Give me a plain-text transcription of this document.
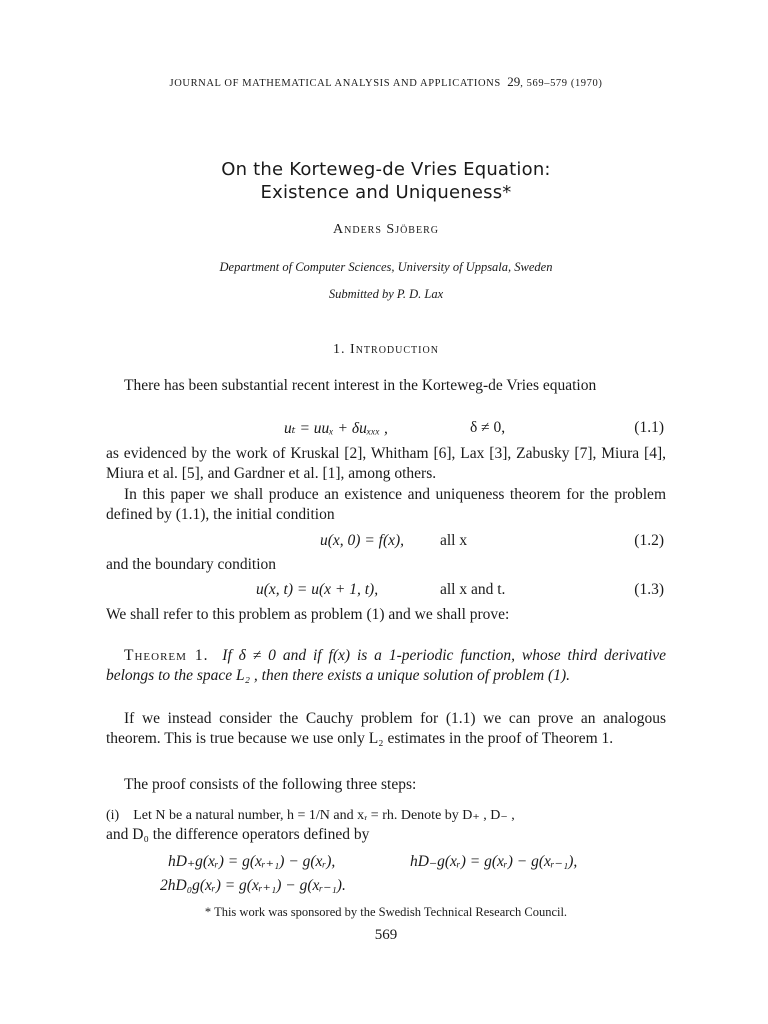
JOURNAL OF MATHEMATICAL ANALYSIS AND APPLICATIONS 29, 569–579 (1970)
On the Korteweg-de Vries Equation:
Existence and Uniqueness*
Anders Sjöberg
Department of Computer Sciences, University of Uppsala, Sweden
Submitted by P. D. Lax
1. Introduction
There has been substantial recent interest in the Korteweg-de Vries equation
uₜ = uuₓ + δuₓₓₓ ,	δ ≠ 0,	(1.1)
as evidenced by the work of Kruskal [2], Whitham [6], Lax [3], Zabusky [7], Miura [4], Miura et al. [5], and Gardner et al. [1], among others.
In this paper we shall produce an existence and uniqueness theorem for the problem defined by (1.1), the initial condition
u(x, 0) = f(x), all x	(1.2)
and the boundary condition
u(x, t) = u(x + 1, t),	all x and t.	(1.3)
We shall refer to this problem as problem (1) and we shall prove:
Theorem 1. If δ ≠ 0 and if f(x) is a 1-periodic function, whose third derivative belongs to the space L₂ , then there exists a unique solution of problem (1).
If we instead consider the Cauchy problem for (1.1) we can prove an analogous theorem. This is true because we use only L₂ estimates in the proof of Theorem 1.
The proof consists of the following three steps:
(i) Let N be a natural number, h = 1/N and xᵣ = rh. Denote by D₊ , D₋ ,
and D₀ the difference operators defined by
hD₊g(xᵣ) = g(xᵣ₊₁) − g(xᵣ),	hD₋g(xᵣ) = g(xᵣ) − g(xᵣ₋₁),
2hD₀g(xᵣ) = g(xᵣ₊₁) − g(xᵣ₋₁).
* This work was sponsored by the Swedish Technical Research Council.
569
